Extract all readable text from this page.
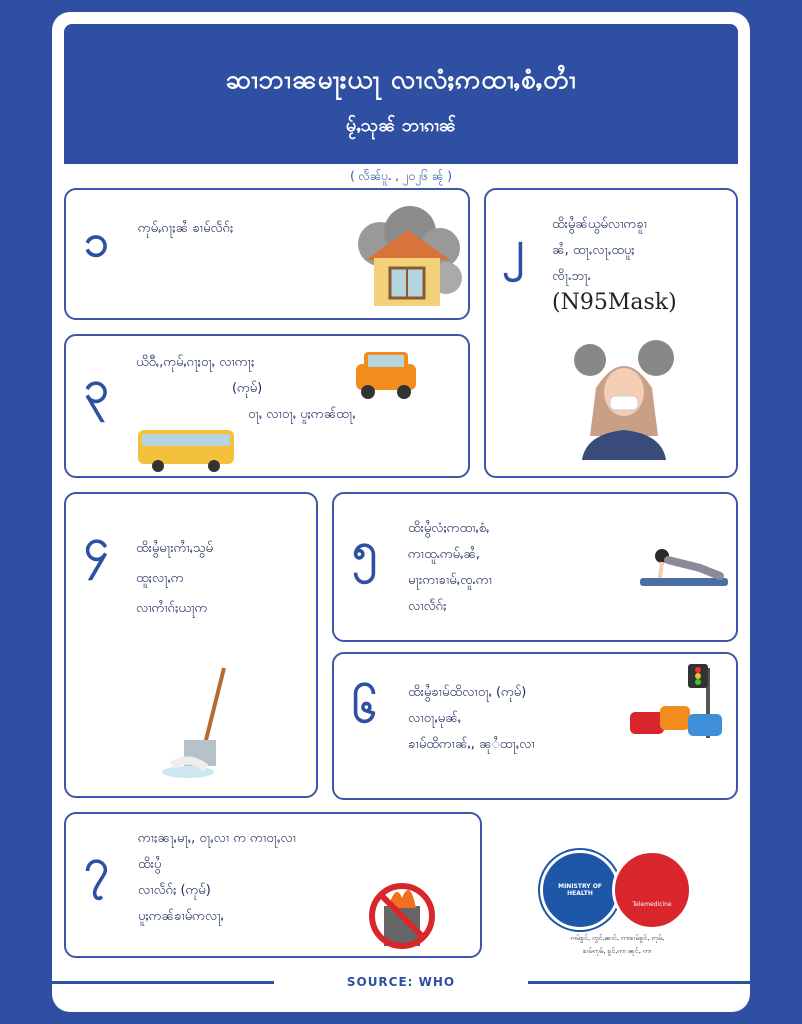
ဆၢဘၢၼမႃးယႃ လၢလံႈဢထၢႇစံႇတႆၢ
မႂ်ႇသုၼ် ဘၢၵၢၼ်
( လႅၼ်ပူႉ , ၂၀၂၆ ၼႂ် )
၁ ဢုမ်ႇၵႃႈၼႆ ၶၢမ်လႅၵ်ႈ	၂ ထိးမွႆၼ်ယွမ်လၢဢၶူၢ
ၼႆ, ထႃႇလႃႇထပူႈ
ၸိႃႉဘႃႉ
(N95Mask)
၃ ယိဝီႇ,ဢုမ်ႇၵႃႈဝႃႇ လၢဢႃႈ
(ဢုမ်)
ဝႃႇ လၢဝႃႇ ပူႈဢၼ်ထႃႇ
၄ ထိးမွႆမႃးဢႆၢႇသွမ်
ထူႈလႃႇဢ
လၢဢႆၢၵ်ႈယႃဢ
၅ ထိးမွႆလံႈဢထၢႇစံႇ
ဢၢထူႉဢမ်ႇၼႆ,
မႃးဢၢၶၢမ်ႇၸူႉဢၢ
လၢလႅၵ်ႈ
၆ ထိးမွႆၶၢမ်ထိလၢဝႃႇ (ဢုမ်)
လၢဝႃႇမုၼ်ႇ
ၶၢမ်ထိဢၢၼ်ႇ, ၼုႆထႃႇလၢ
၇
ဢၢႈၼႃႇမႃႇ, ဝႃႇလၢ ဢ ဢၢဝႃႇလၢ
ထိးပွႆ
လၢလႅၵ်ႈ (ဢုမ်)
ပူႈဢၼ်ၶၢမ်ဢလႃႇ
MINISTRY OF HEALTH
Telemedicine
ၵၢမ်ၶွင်ႇ ၸွင်ႇၼၢင်ႇ ဢၢၶၢမ်ၶွင်ႇ ဢုမ်ႇ
ၶၢမ်ဢုမ်ႇ ၶွင်ႇဢၢ ၼုင်ႇ ဢၢ
SOURCE: WHO
